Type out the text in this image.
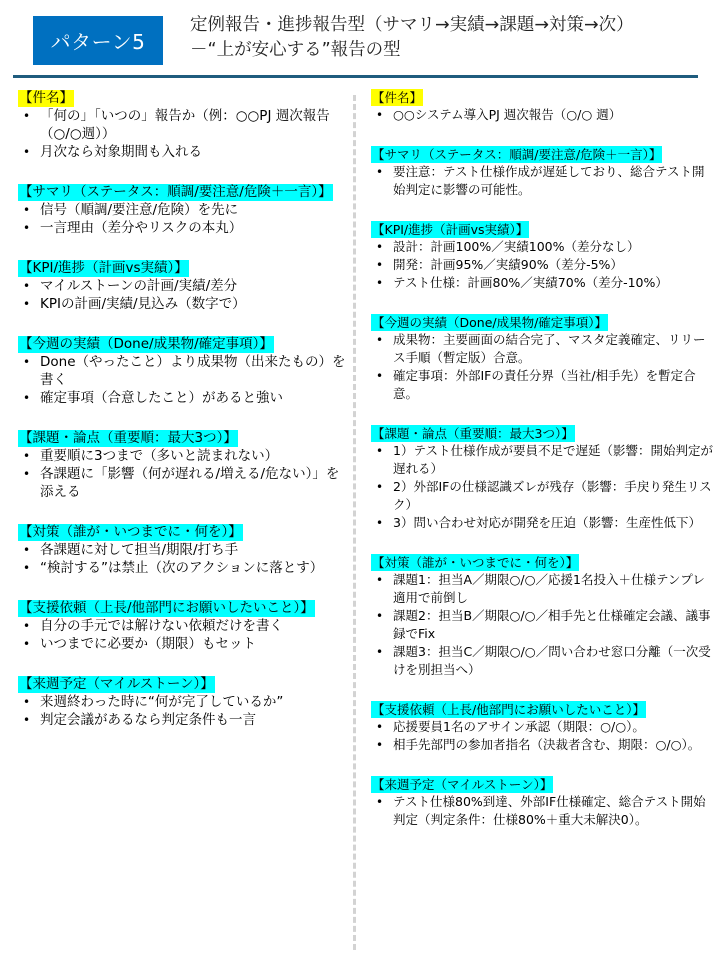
パターン5
定例報告・進捗報告型（サマリ→実績→課題→対策→次）
－“上が安心する”報告の型
【件名】
• 「何の」「いつの」報告か（例：○○PJ 週次報告（○/○週））
• 月次なら対象期間も入れる
【サマリ（ステータス：順調/要注意/危険＋一言）】
• 信号（順調/要注意/危険）を先に
• 一言理由（差分やリスクの本丸）
【KPI/進捗（計画vs実績）】
• マイルストーンの計画/実績/差分
• KPIの計画/実績/見込み（数字で）
【今週の実績（Done/成果物/確定事項）】
• Done（やったこと）より成果物（出来たもの）を書く
• 確定事項（合意したこと）があると強い
【課題・論点（重要順：最大3つ）】
• 重要順に3つまで（多いと読まれない）
• 各課題に「影響（何が遅れる/増える/危ない）」を添える
【対策（誰が・いつまでに・何を）】
• 各課題に対して担当/期限/打ち手
• “検討する”は禁止（次のアクションに落とす）
【支援依頼（上長/他部門にお願いしたいこと）】
• 自分の手元では解けない依頼だけを書く
• いつまでに必要か（期限）もセット
【来週予定（マイルストーン）】
• 来週終わった時に“何が完了しているか”
• 判定会議があるなら判定条件も一言
【件名】
• ○○システム導入PJ 週次報告（○/○ 週）
【サマリ（ステータス：順調/要注意/危険＋一言）】
• 要注意：テスト仕様作成が遅延しており、総合テスト開始判定に影響の可能性。
【KPI/進捗（計画vs実績）】
• 設計：計画100%／実績100%（差分なし）
• 開発：計画95%／実績90%（差分-5%）
• テスト仕様：計画80%／実績70%（差分-10%）
【今週の実績（Done/成果物/確定事項）】
• 成果物：主要画面の結合完了、マスタ定義確定、リリース手順（暫定版）合意。
• 確定事項：外部IFの責任分界（当社/相手先）を暫定合意。
【課題・論点（重要順：最大3つ）】
• 1）テスト仕様作成が要員不足で遅延（影響：開始判定が遅れる）
• 2）外部IFの仕様認識ズレが残存（影響：手戻り発生リスク）
• 3）問い合わせ対応が開発を圧迫（影響：生産性低下）
【対策（誰が・いつまでに・何を）】
• 課題1：担当A／期限○/○／応援1名投入＋仕様テンプレ適用で前倒し
• 課題2：担当B／期限○/○／相手先と仕様確定会議、議事録でFix
• 課題3：担当C／期限○/○／問い合わせ窓口分離（一次受けを別担当へ）
【支援依頼（上長/他部門にお願いしたいこと）】
• 応援要員1名のアサイン承認（期限：○/○）。
• 相手先部門の参加者指名（決裁者含む、期限：○/○）。
【来週予定（マイルストーン）】
• テスト仕様80%到達、外部IF仕様確定、総合テスト開始判定（判定条件：仕様80%＋重大未解決0）。
